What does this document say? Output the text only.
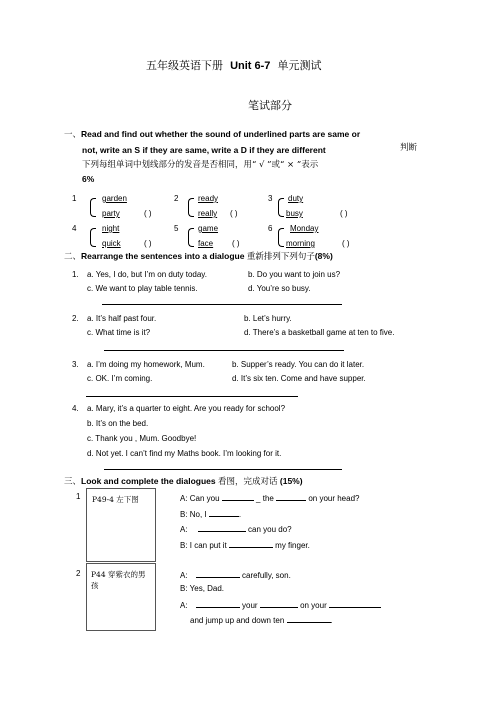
五年级英语下册 Unit 6-7 单元测试
笔试部分
一、Read and find out whether the sound of underlined parts are same or
not, write an S if they are same, write a D if they are different	判断
下列每组单词中划线部分的发音是否相同，用“ √ ”或“ × ”表示
6%
1	garden
party	( )
2 ready
really ( )
3 duty
busy	( )
4	night
quick	( )
5 game
face ( )
6 Monday
morning	( )
二、Rearrange the sentences into a dialogue 重新排列下列句子(8%)
1. a. Yes, I do, but I’m on duty today.	b. Do you want to join us?
c. We want to play table tennis.	d. You’re so busy.
2. a. It’s half past four.	b. Let’s hurry.
c. What time is it?	d. There’s a basketball game at ten to five.
3. a. I’m doing my homework, Mum.	b. Supper’s ready. You can do it later.
c. OK. I’m coming.	d. It’s six ten. Come and have supper.
4. a. Mary, it’s a quarter to eight. Are you ready for school?
b. It’s on the bed.
c. Thank you , Mum. Goodbye!
d. Not yet. I can’t find my Maths book. I’m looking for it.
三、Look and complete the dialogues 看图，完成对话 (15%)
1 P49-4 左下图	A: Can you	_ the	on your head?
B: No, I	.
A:	can you do?
B: I can put it	my finger.
2 P44 穿紫衣的男孩
A:	carefully, son.
B: Yes, Dad.
A:	your	on your
and jump up and down ten	.
